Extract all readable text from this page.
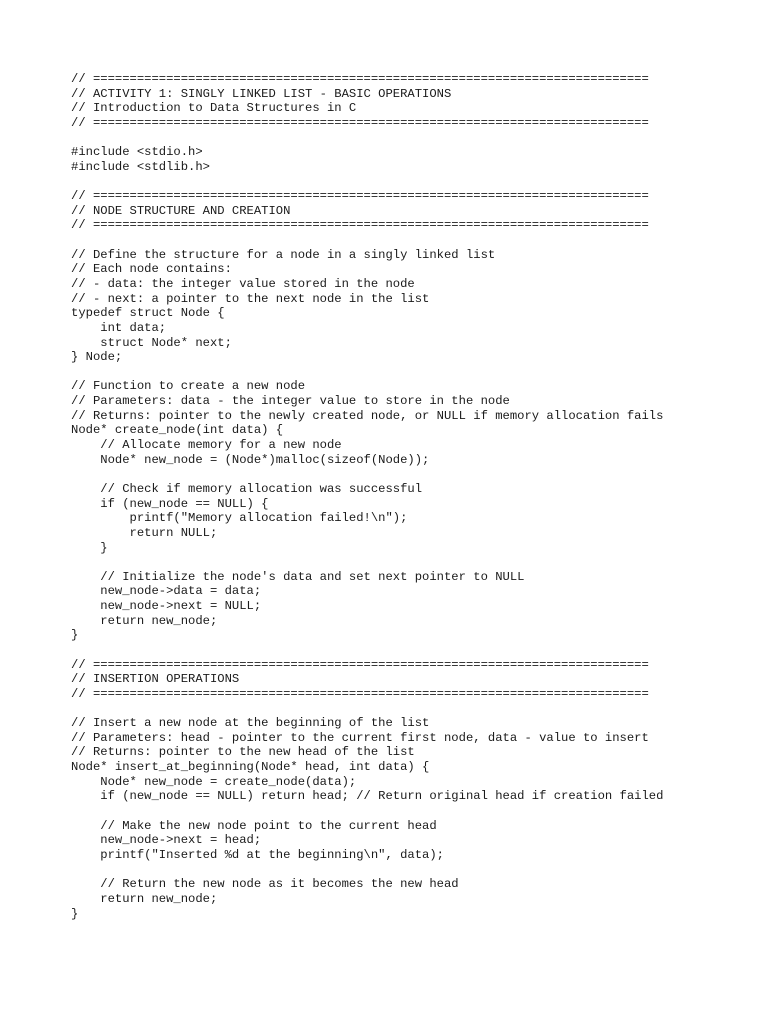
// ============================================================================
// ACTIVITY 1: SINGLY LINKED LIST - BASIC OPERATIONS
// Introduction to Data Structures in C
// ============================================================================
#include <stdio.h>
#include <stdlib.h>
// ============================================================================
// NODE STRUCTURE AND CREATION
// ============================================================================
// Define the structure for a node in a singly linked list
// Each node contains:
// - data: the integer value stored in the node
// - next: a pointer to the next node in the list
typedef struct Node {
int data;
struct Node* next;
} Node;
// Function to create a new node
// Parameters: data - the integer value to store in the node
// Returns: pointer to the newly created node, or NULL if memory allocation fails
Node* create_node(int data) {
// Allocate memory for a new node
Node* new_node = (Node*)malloc(sizeof(Node));
// Check if memory allocation was successful
if (new_node == NULL) {
printf("Memory allocation failed!\n");
return NULL;
}
// Initialize the node's data and set next pointer to NULL
new_node->data = data;
new_node->next = NULL;
return new_node;
}
// ============================================================================
// INSERTION OPERATIONS
// ============================================================================
// Insert a new node at the beginning of the list
// Parameters: head - pointer to the current first node, data - value to insert
// Returns: pointer to the new head of the list
Node* insert_at_beginning(Node* head, int data) {
Node* new_node = create_node(data);
if (new_node == NULL) return head; // Return original head if creation failed
// Make the new node point to the current head
new_node->next = head;
printf("Inserted %d at the beginning\n", data);
// Return the new node as it becomes the new head
return new_node;
}
